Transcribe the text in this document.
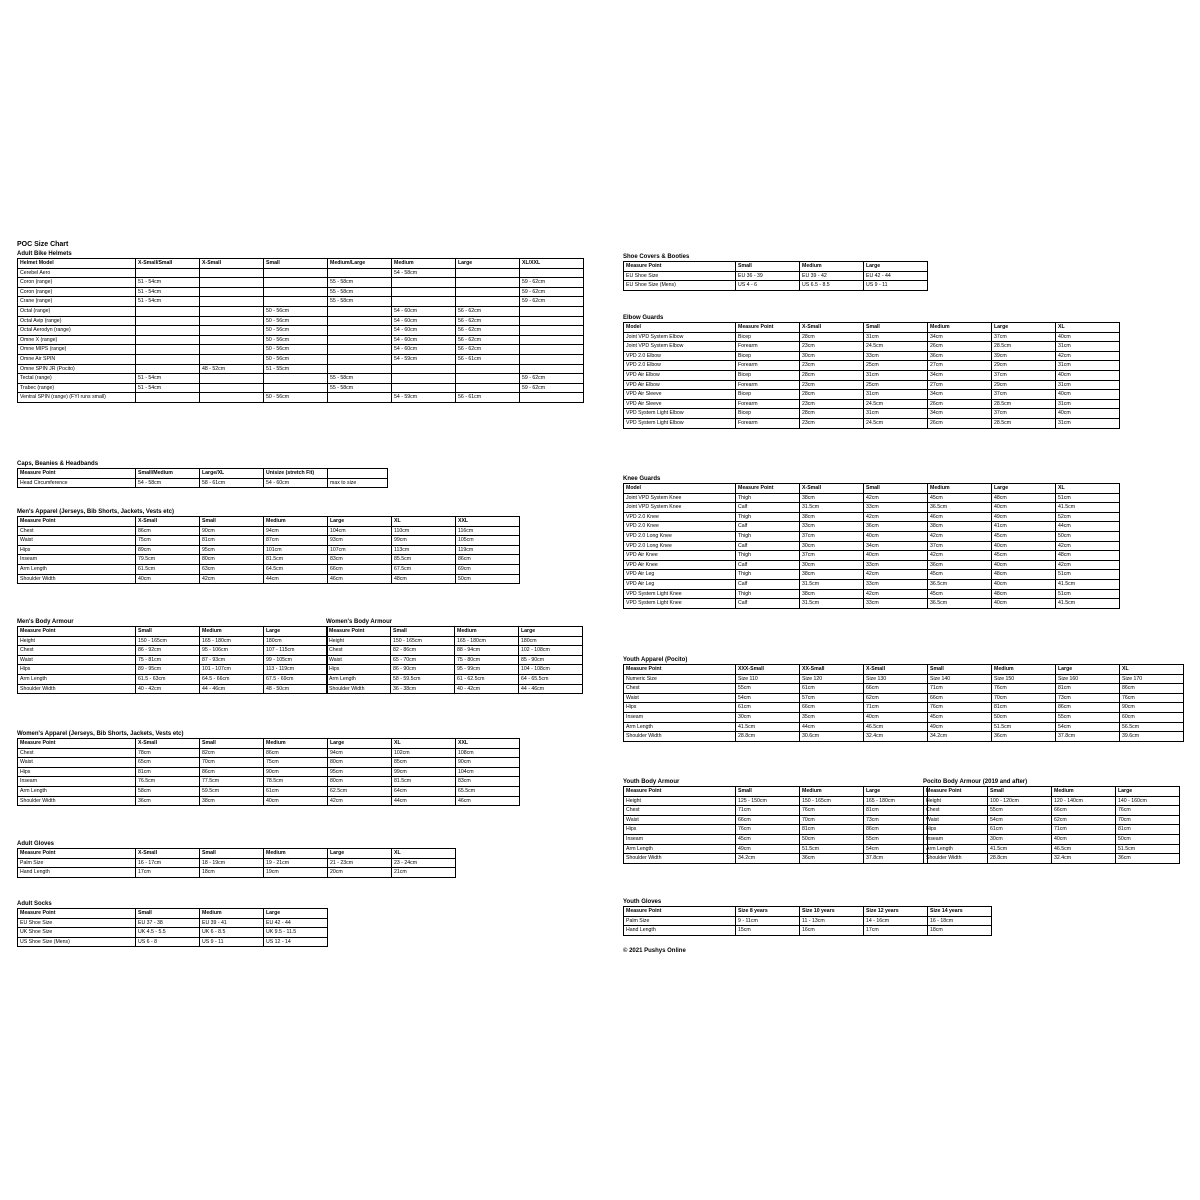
POC Size Chart
Adult Bike Helmets
Helmet Model	X-Small/Small	X-Small	Small	Medium/Large	Medium	Large	XL/XXL
Cerebel Aero					54 - 58cm		
Coron (range)	51 - 54cm			55 - 58cm			59 - 62cm
Coron (range)	51 - 54cm			55 - 58cm			59 - 62cm
Crane (range)	51 - 54cm			55 - 58cm			59 - 62cm
Octal (range)			50 - 56cm		54 - 60cm	56 - 62cm	
Octal Avip (range)			50 - 56cm		54 - 60cm	56 - 62cm	
Octal Aerodyn (range)			50 - 56cm		54 - 60cm	56 - 62cm	
Omne X (range)			50 - 56cm		54 - 60cm	56 - 62cm	
Omne MIPS (range)			50 - 56cm		54 - 60cm	56 - 62cm	
Omne Air SPIN			50 - 56cm		54 - 59cm	56 - 61cm	
Omne SPIN JR (Pocito)		48 - 52cm	51 - 55cm				
Tectal (range)	51 - 54cm			55 - 58cm			59 - 62cm
Trabec (range)	51 - 54cm			55 - 58cm			59 - 62cm
Ventral SPIN (range) (FYI runs small)			50 - 56cm		54 - 59cm	56 - 61cm	
Caps, Beanies & Headbands
Measure Point	Small/Medium	Large/XL	Unisize (stretch Fit)	
Head Circumference	54 - 58cm	58 - 61cm	54 - 60cm	max to size
Men's Apparel (Jerseys, Bib Shorts, Jackets, Vests etc)
Measure Point	X-Small	Small	Medium	Large	XL	XXL
Chest	86cm	90cm	94cm	104cm	110cm	116cm
Waist	75cm	81cm	87cm	93cm	99cm	105cm
Hips	89cm	95cm	101cm	107cm	113cm	119cm
Inseam	79.5cm	80cm	81.5cm	83cm	85.5cm	86cm
Arm Length	61.5cm	63cm	64.5cm	66cm	67.5cm	69cm
Shoulder Width	40cm	42cm	44cm	46cm	48cm	50cm
Men's Body Armour
Measure Point	Small	Medium	Large
Height	150 - 165cm	165 - 180cm	180cm
Chest	86 - 92cm	95 - 106cm	107 - 115cm
Waist	75 - 81cm	87 - 93cm	99 - 105cm
Hips	89 - 95cm	101 - 107cm	113 - 119cm
Arm Length	61.5 - 63cm	64.5 - 66cm	67.5 - 69cm
Shoulder Width	40 - 42cm	44 - 46cm	48 - 50cm
Women's Body Armour
Measure Point	Small	Medium	Large
Height	150 - 165cm	165 - 180cm	180cm
Chest	82 - 86cm	88 - 94cm	102 - 108cm
Waist	65 - 70cm	75 - 80cm	85 - 90cm
Hips	86 - 90cm	95 - 99cm	104 - 108cm
Arm Length	58 - 59.5cm	61 - 62.5cm	64 - 65.5cm
Shoulder Width	36 - 38cm	40 - 42cm	44 - 46cm
Women's Apparel (Jerseys, Bib Shorts, Jackets, Vests etc)
Measure Point	X-Small	Small	Medium	Large	XL	XXL
Chest	78cm	82cm	86cm	94cm	102cm	108cm
Waist	65cm	70cm	75cm	80cm	85cm	90cm
Hips	81cm	86cm	90cm	95cm	99cm	104cm
Inseam	76.5cm	77.5cm	78.5cm	80cm	81.5cm	83cm
Arm Length	58cm	59.5cm	61cm	62.5cm	64cm	65.5cm
Shoulder Width	36cm	38cm	40cm	42cm	44cm	46cm
Adult Gloves
Measure Point	X-Small	Small	Medium	Large	XL
Palm Size	16 - 17cm	18 - 19cm	19 - 21cm	21 - 23cm	23 - 24cm
Hand Length	17cm	18cm	19cm	20cm	21cm
Adult Socks
Measure Point	Small	Medium	Large
EU Shoe Size	EU 37 - 38	EU 39 - 41	EU 42 - 44
UK Shoe Size	UK 4.5 - 5.5	UK 6 - 8.5	UK 9.5 - 11.5
US Shoe Size (Mens)	US 6 - 8	US 9 - 11	US 12 - 14
Shoe Covers & Booties
Measure Point	Small	Medium	Large
EU Shoe Size	EU 36 - 39	EU 39 - 42	EU 42 - 44
EU Shoe Size (Mens)	US 4 - 6	US 6.5 - 8.5	US 9 - 11
Elbow Guards
Model	Measure Point	X-Small	Small	Medium	Large	XL
Joint VPD System Elbow	Bicep	28cm	31cm	34cm	37cm	40cm
Joint VPD System Elbow	Forearm	23cm	24.5cm	26cm	28.5cm	31cm
VPD 2.0 Elbow	Bicep	30cm	33cm	36cm	39cm	42cm
VPD 2.0 Elbow	Forearm	23cm	25cm	27cm	29cm	31cm
VPD Air Elbow	Bicep	28cm	31cm	34cm	37cm	40cm
VPD Air Elbow	Forearm	23cm	25cm	27cm	29cm	31cm
VPD Air Sleeve	Bicep	28cm	31cm	34cm	37cm	40cm
VPD Air Sleeve	Forearm	23cm	24.5cm	26cm	28.5cm	31cm
VPD System Light Elbow	Bicep	28cm	31cm	34cm	37cm	40cm
VPD System Light Elbow	Forearm	23cm	24.5cm	26cm	28.5cm	31cm
Knee Guards
Model	Measure Point	X-Small	Small	Medium	Large	XL
Joint VPD System Knee	Thigh	38cm	42cm	45cm	48cm	51cm
Joint VPD System Knee	Calf	31.5cm	33cm	36.5cm	40cm	41.5cm
VPD 2.0 Knee	Thigh	38cm	42cm	46cm	49cm	52cm
VPD 2.0 Knee	Calf	33cm	36cm	38cm	41cm	44cm
VPD 2.0 Long Knee	Thigh	37cm	40cm	42cm	45cm	50cm
VPD 2.0 Long Knee	Calf	30cm	34cm	37cm	40cm	42cm
VPD Air Knee	Thigh	37cm	40cm	42cm	45cm	48cm
VPD Air Knee	Calf	30cm	33cm	36cm	40cm	42cm
VPD Air Leg	Thigh	38cm	42cm	45cm	48cm	51cm
VPD Air Leg	Calf	31.5cm	33cm	36.5cm	40cm	41.5cm
VPD System Light Knee	Thigh	38cm	42cm	45cm	48cm	51cm
VPD System Light Knee	Calf	31.5cm	33cm	36.5cm	40cm	41.5cm
Youth Apparel (Pocito)
Measure Point	XXX-Small	XX-Small	X-Small	Small	Medium	Large	XL
Numeric Size	Size 110	Size 120	Size 130	Size 140	Size 150	Size 160	Size 170
Chest	55cm	61cm	66cm	71cm	76cm	81cm	86cm
Waist	54cm	57cm	62cm	66cm	70cm	73cm	76cm
Hips	61cm	66cm	71cm	76cm	81cm	86cm	90cm
Inseam	30cm	35cm	40cm	45cm	50cm	55cm	60cm
Arm Length	41.5cm	44cm	46.5cm	49cm	51.5cm	54cm	56.5cm
Shoulder Width	28.8cm	30.6cm	32.4cm	34.2cm	36cm	37.8cm	39.6cm
Youth Body Armour
Measure Point	Small	Medium	Large
Height	125 - 150cm	150 - 165cm	165 - 180cm
Chest	71cm	76cm	81cm
Waist	66cm	70cm	73cm
Hips	76cm	81cm	86cm
Inseam	45cm	50cm	55cm
Arm Length	49cm	51.5cm	54cm
Shoulder Width	34.2cm	36cm	37.8cm
Pocito Body Armour (2019 and after)
Measure Point	Small	Medium	Large
Height	100 - 120cm	120 - 140cm	140 - 160cm
Chest	55cm	66cm	76cm
Waist	54cm	62cm	70cm
Hips	61cm	71cm	81cm
Inseam	30cm	40cm	50cm
Arm Length	41.5cm	46.5cm	51.5cm
Shoulder Width	28.8cm	32.4cm	36cm
Youth Gloves
Measure Point	Size 8 years	Size 10 years	Size 12 years	Size 14 years
Palm Size	9 - 11cm	11 - 13cm	14 - 16cm	16 - 18cm
Hand Length	15cm	16cm	17cm	18cm
© 2021 Pushys Online
